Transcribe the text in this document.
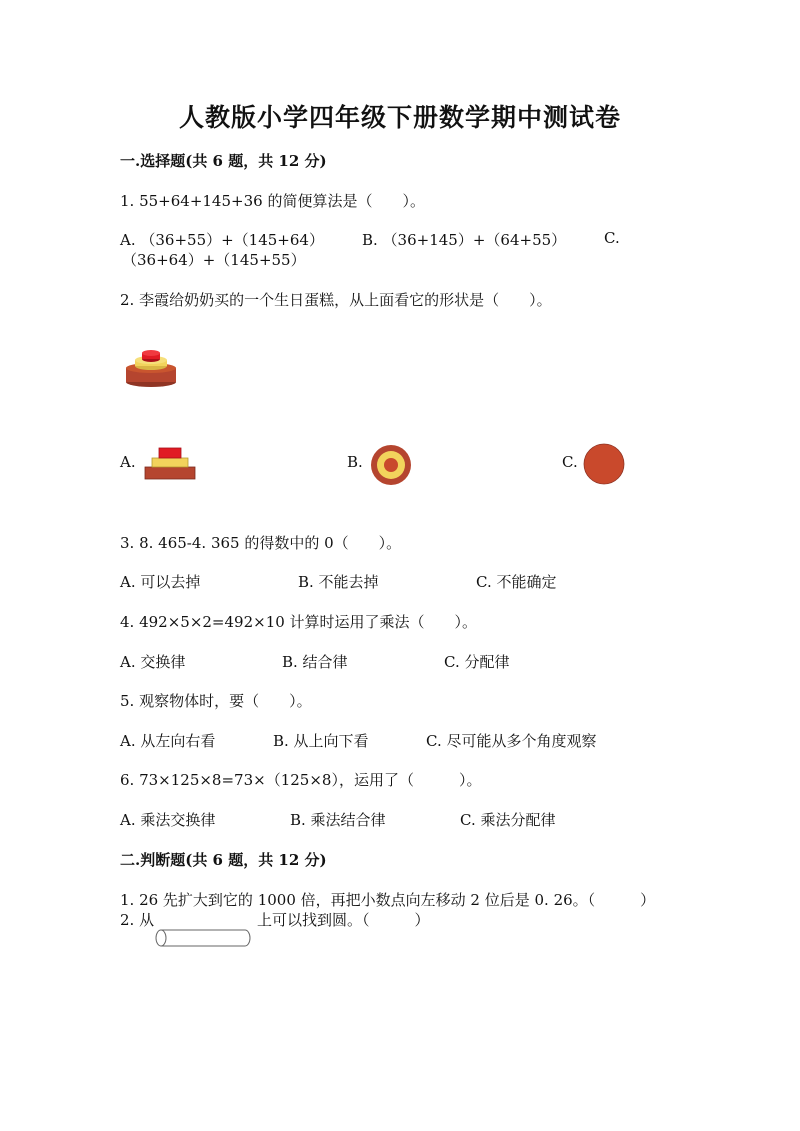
人教版小学四年级下册数学期中测试卷
一.选择题(共 6 题，共 12 分)
1. 55+64+145+36 的简便算法是（　　）。
A. （36+55）+（145+64）	B. （36+145）+（64+55）	C.
（36+64）+（145+55）
2. 李霞给奶奶买的一个生日蛋糕，从上面看它的形状是（　　）。
A.	B.	C.
3. 8. 465-4. 365 的得数中的 0（　　）。
A. 可以去掉	B. 不能去掉	C. 不能确定
4. 492×5×2=492×10 计算时运用了乘法（　　）。
A. 交换律	B. 结合律	C. 分配律
5. 观察物体时，要（　　）。
A. 从左向右看	B. 从上向下看	C. 尽可能从多个角度观察
6. 73×125×8=73×（125×8），运用了（　　　）。
A. 乘法交换律	B. 乘法结合律	C. 乘法分配律
二.判断题(共 6 题，共 12 分)
1. 26 先扩大到它的 1000 倍，再把小数点向左移动 2 位后是 0. 26。（　　　）
2. 从	上可以找到圆。（　　　）
